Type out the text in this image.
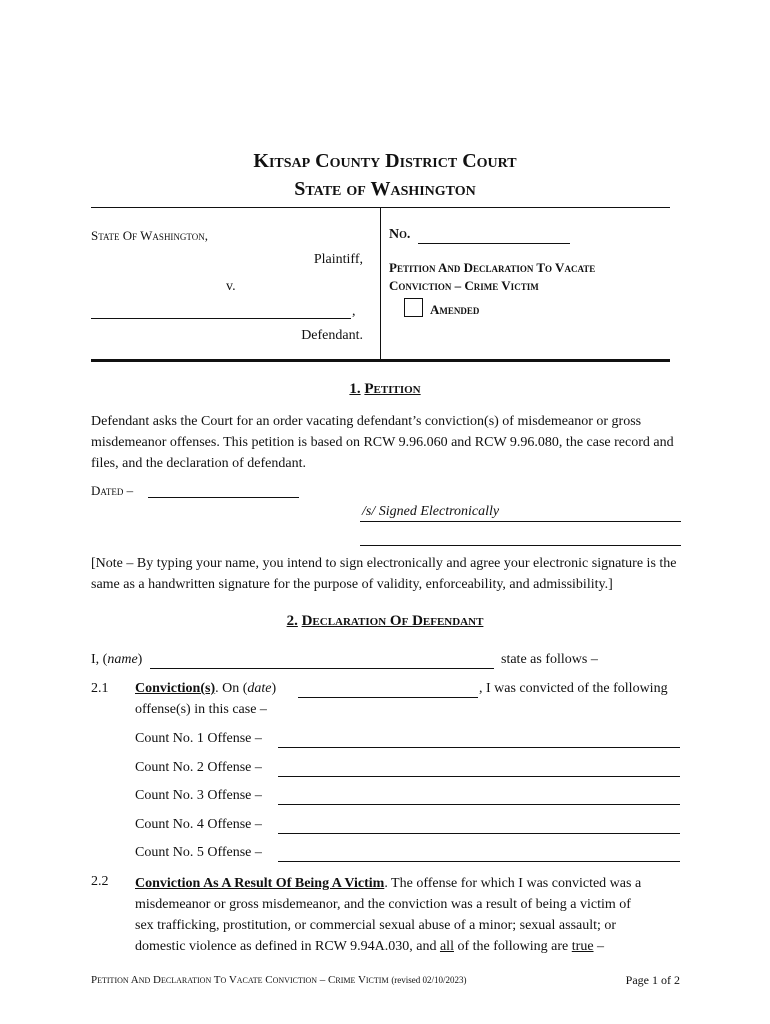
Kitsap County District Court
State of Washington
State Of Washington,
Plaintiff,
v.
,
Defendant.
No.
Petition And Declaration To Vacate
Conviction – Crime Victim
Amended
1. Petition
Defendant asks the Court for an order vacating defendant’s conviction(s) of misdemeanor or gross misdemeanor offenses. This petition is based on RCW 9.96.060 and RCW 9.96.080, the case record and files, and the declaration of defendant.
Dated –
/s/ Signed Electronically
[Note – By typing your name, you intend to sign electronically and agree your electronic signature is the same as a handwritten signature for the purpose of validity, enforceability, and admissibility.]
2. Declaration Of Defendant
I, (name)	state as follows –
2.1 Conviction(s). On (date)	, I was convicted of the following
offense(s) in this case –
Count No. 1 Offense –
Count No. 2 Offense –
Count No. 3 Offense –
Count No. 4 Offense –
Count No. 5 Offense –
2.2 Conviction As A Result Of Being A Victim. The offense for which I was convicted was a
misdemeanor or gross misdemeanor, and the conviction was a result of being a victim of
sex trafficking, prostitution, or commercial sexual abuse of a minor; sexual assault; or
domestic violence as defined in RCW 9.94A.030, and all of the following are true –
Petition And Declaration To Vacate Conviction – Crime Victim (revised 02/10/2023)	Page 1 of 2
